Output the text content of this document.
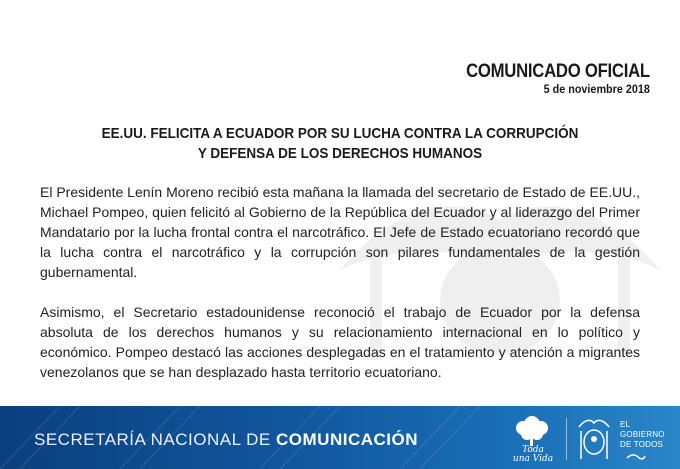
COMUNICADO OFICIAL
5 de noviembre 2018
EE.UU. FELICITA A ECUADOR POR SU LUCHA CONTRA LA CORRUPCIÓN
Y DEFENSA DE LOS DERECHOS HUMANOS

El Presidente Lenín Moreno recibió esta mañana la llamada del secretario de Estado de EE.UU., Michael Pompeo, quien felicitó al Gobierno de la República del Ecuador y al liderazgo del Primer Mandatario por la lucha frontal contra el narcotráfico. El Jefe de Estado ecuatoriano recordó que la lucha contra el narcotráfico y la corrupción son pilares fundamentales de la gestión gubernamental.

Asimismo, el Secretario estadounidense reconoció el trabajo de Ecuador por la defensa absoluta de los derechos humanos y su relacionamiento internacional en lo político y económico. Pompeo destacó las acciones desplegadas en el tratamiento y atención a migrantes venezolanos que se han desplazado hasta territorio ecuatoriano.

SECRETARÍA NACIONAL DE COMUNICACIÓN
Toda
una Vida
EL
GOBIERNO
DE TODOS
